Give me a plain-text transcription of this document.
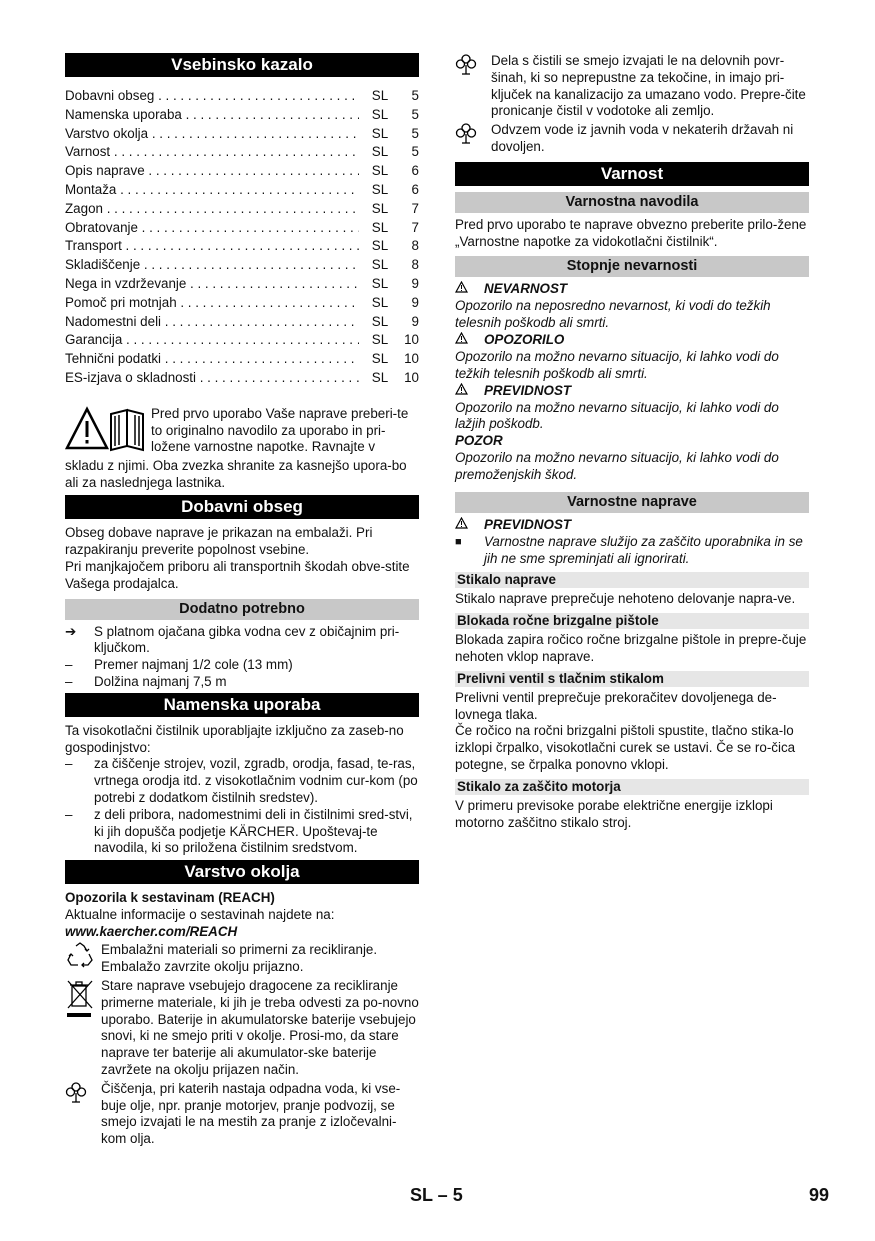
Vsebinsko kazalo
Dobavni obseg . . .	SL	5
Namenska uporaba . . .	SL	5
Varstvo okolja . . .	SL	5
Varnost . . .	SL	5
Opis naprave . . .	SL	6
Montaža . . .	SL	6
Zagon . . .	SL	7
Obratovanje . . .	SL	7
Transport . . .	SL	8
Skladiščenje . . .	SL	8
Nega in vzdrževanje . . .	SL	9
Pomoč pri motnjah . . .	SL	9
Nadomestni deli . . .	SL	9
Garancija . . .	SL	10
Tehnični podatki . . .	SL	10
ES-izjava o skladnosti . . .	SL	10

Pred prvo uporabo Vaše naprave preberi-te to originalno navodilo za uporabo in pri-ložene varnostne napotke. Ravnajte v

skladu z njimi. Oba zvezka shranite za kasnejšo upora-bo ali za naslednjega lastnika.

Dobavni obseg

Obseg dobave naprave je prikazan na embalaži. Pri razpakiranju preverite popolnost vsebine.

Pri manjkajočem priboru ali transportnih škodah obve-stite Vašega prodajalca.

Dodatno potrebno
➔ S platnom ojačana gibka vodna cev z običajnim pri-ključkom.
– Premer najmanj 1/2 cole (13 mm)
– Dolžina najmanj 7,5 m
Namenska uporaba

Ta visokotlačni čistilnik uporabljajte izključno za zaseb-no gospodinjstvo:

– za čiščenje strojev, vozil, zgradb, orodja, fasad, te-ras, vrtnega orodja itd. z visokotlačnim vodnim cur-kom (po potrebi z dodatkom čistilnih sredstev).
– z deli pribora, nadomestnimi deli in čistilnimi sred-stvi, ki jih dopušča podjetje KÄRCHER. Upoštevaj-te navodila, ki so priložena čistilnim sredstvom.
Varstvo okolja

Opozorila k sestavinam (REACH)

Aktualne informacije o sestavinah najdete na:

www.kaercher.com/REACH

Embalažni materiali so primerni za recikliranje. Embalažo zavrzite okolju prijazno.

Stare naprave vsebujejo dragocene za recikliranje primerne materiale, ki jih je treba odvesti za po-novno uporabo. Baterije in akumulatorske baterije vsebujejo snovi, ki ne smejo priti v okolje. Prosi-mo, da stare naprave ter baterije ali akumulator-ske baterije zavržete na okolju prijazen način.

Čiščenja, pri katerih nastaja odpadna voda, ki vse-buje olje, npr. pranje motorjev, pranje podvozij, se smejo izvajati le na mestih za pranje z izločevalni-kom olja.

Dela s čistili se smejo izvajati le na delovnih povr-šinah, ki so neprepustne za tekočine, in imajo pri-ključek na kanalizacijo za umazano vodo. Prepre-čite pronicanje čistil v vodotoke ali zemljo.

Odvzem vode iz javnih voda v nekaterih državah ni dovoljen.

Varnost
Varnostna navodila

Pred prvo uporabo te naprave obvezno preberite prilo-žene „Varnostne napotke za vidokotlačni čistilnik“.

Stopnje nevarnosti
NEVARNOST

Opozorilo na neposredno nevarnost, ki vodi do težkih telesnih poškodb ali smrti.

OPOZORILO

Opozorilo na možno nevarno situacijo, ki lahko vodi do težkih telesnih poškodb ali smrti.

PREVIDNOST

Opozorilo na možno nevarno situacijo, ki lahko vodi do lažjih poškodb.

POZOR

Opozorilo na možno nevarno situacijo, ki lahko vodi do premoženjskih škod.

Varnostne naprave
PREVIDNOST
■ Varnostne naprave služijo za zaščito uporabnika in se jih ne sme spreminjati ali ignorirati.
Stikalo naprave

Stikalo naprave preprečuje nehoteno delovanje napra-ve.

Blokada ročne brizgalne pištole

Blokada zapira ročico ročne brizgalne pištole in prepre-čuje nehoten vklop naprave.

Prelivni ventil s tlačnim stikalom

Prelivni ventil preprečuje prekoračitev dovoljenega de-lovnega tlaka.

Če ročico na ročni brizgalni pištoli spustite, tlačno stika-lo izklopi črpalko, visokotlačni curek se ustavi. Če se ro-čica potegne, se črpalka ponovno vklopi.

Stikalo za zaščito motorja

V primeru previsoke porabe električne energije izklopi motorno zaščitno stikalo stroj.

SL – 5	99
